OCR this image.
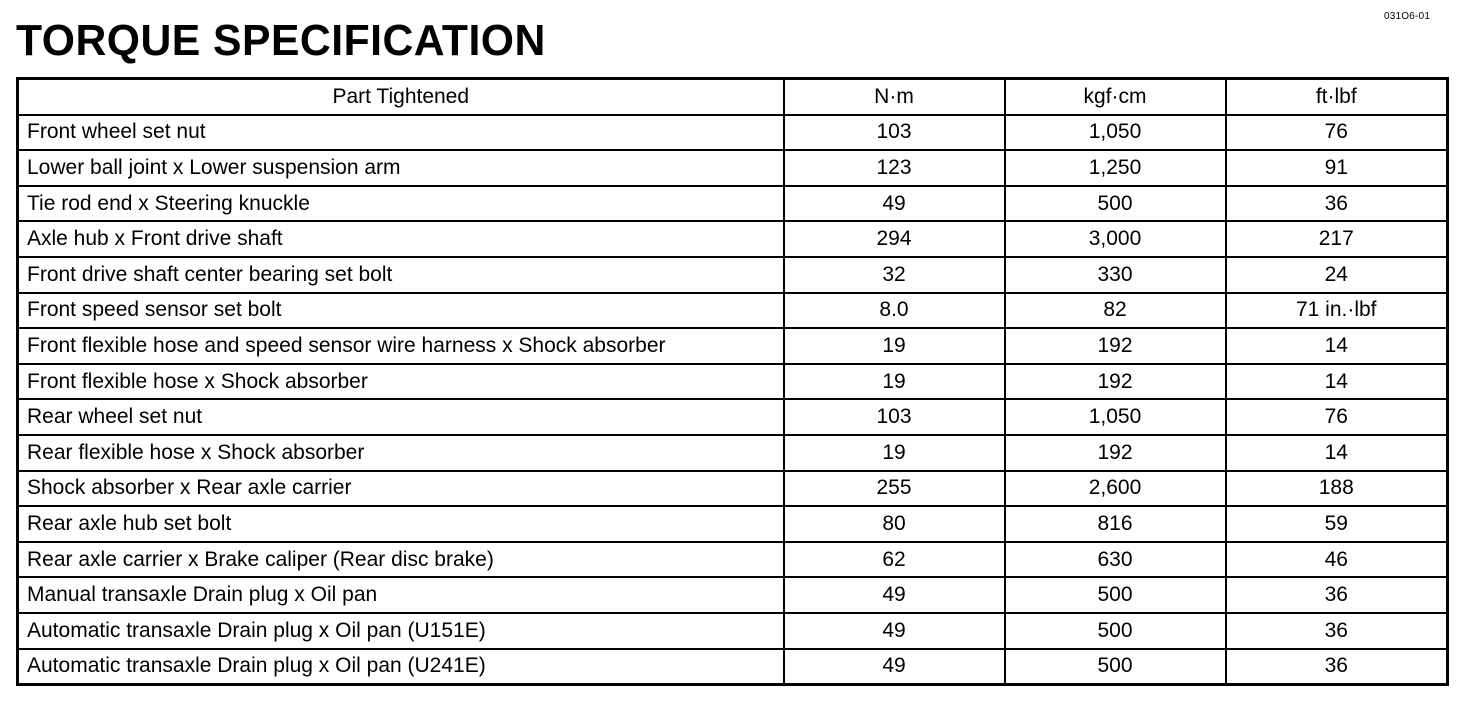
031O6-01
TORQUE SPECIFICATION
Part Tightened	N·m	kgf·cm	ft·lbf
Front wheel set nut	103	1,050	76
Lower ball joint x Lower suspension arm	123	1,250	91
Tie rod end x Steering knuckle	49	500	36
Axle hub x Front drive shaft	294	3,000	217
Front drive shaft center bearing set bolt	32	330	24
Front speed sensor set bolt	8.0	82	71 in.·lbf
Front flexible hose and speed sensor wire harness x Shock absorber	19	192	14
Front flexible hose x Shock absorber	19	192	14
Rear wheel set nut	103	1,050	76
Rear flexible hose x Shock absorber	19	192	14
Shock absorber x Rear axle carrier	255	2,600	188
Rear axle hub set bolt	80	816	59
Rear axle carrier x Brake caliper (Rear disc brake)	62	630	46
Manual transaxle Drain plug x Oil pan	49	500	36
Automatic transaxle Drain plug x Oil pan (U151E)	49	500	36
Automatic transaxle Drain plug x Oil pan (U241E)	49	500	36
